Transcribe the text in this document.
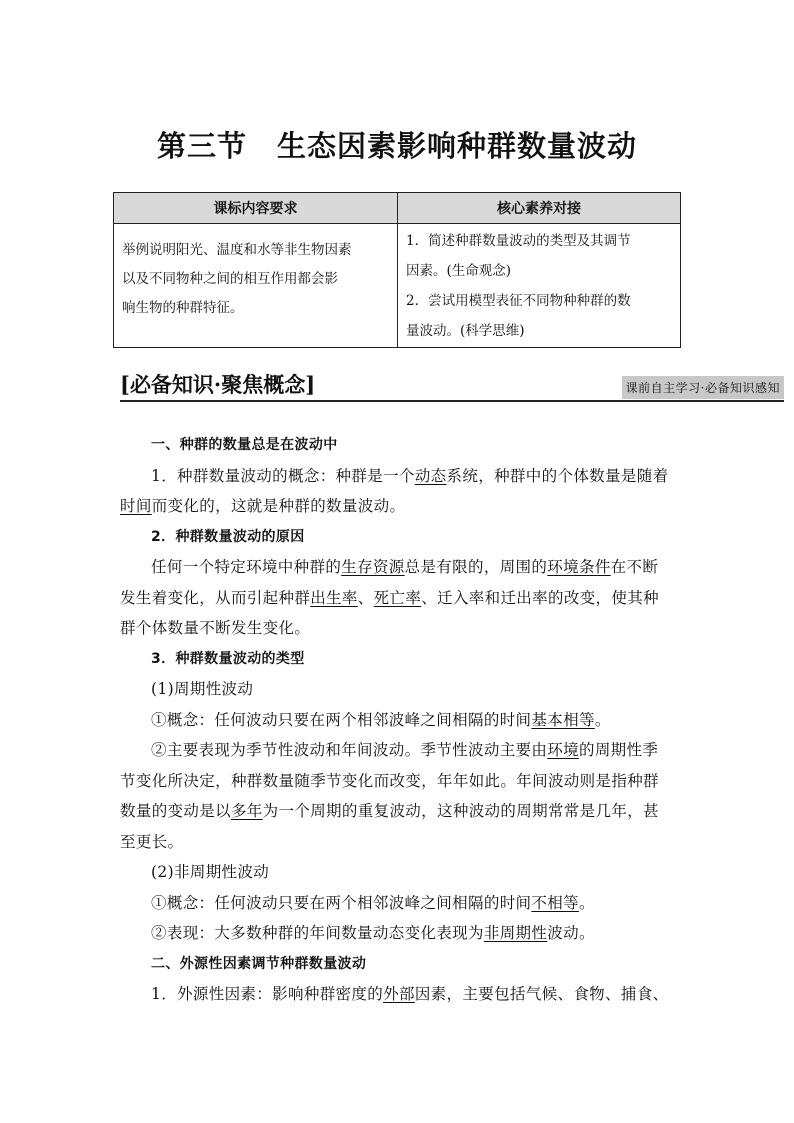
第三节　生态因素影响种群数量波动
课标内容要求	核心素养对接
举例说明阳光、温度和水等非生物因素
以及不同物种之间的相互作用都会影
响生物的种群特征。
1．简述种群数量波动的类型及其调节
因素。(生命观念)
2．尝试用模型表征不同物种种群的数
量波动。(科学思维)
[必备知识·聚焦概念]	课前自主学习·必备知识感知
一、种群的数量总是在波动中
1．种群数量波动的概念：种群是一个动态系统，种群中的个体数量是随着
时间而变化的，这就是种群的数量波动。
2．种群数量波动的原因
任何一个特定环境中种群的生存资源总是有限的，周围的环境条件在不断
发生着变化，从而引起种群出生率、死亡率、迁入率和迁出率的改变，使其种
群个体数量不断发生变化。
3．种群数量波动的类型
(1)周期性波动
①概念：任何波动只要在两个相邻波峰之间相隔的时间基本相等。
②主要表现为季节性波动和年间波动。季节性波动主要由环境的周期性季
节变化所决定，种群数量随季节变化而改变，年年如此。年间波动则是指种群
数量的变动是以多年为一个周期的重复波动，这种波动的周期常常是几年，甚
至更长。
(2)非周期性波动
①概念：任何波动只要在两个相邻波峰之间相隔的时间不相等。
②表现：大多数种群的年间数量动态变化表现为非周期性波动。
二、外源性因素调节种群数量波动
1．外源性因素：影响种群密度的外部因素，主要包括气候、食物、捕食、
